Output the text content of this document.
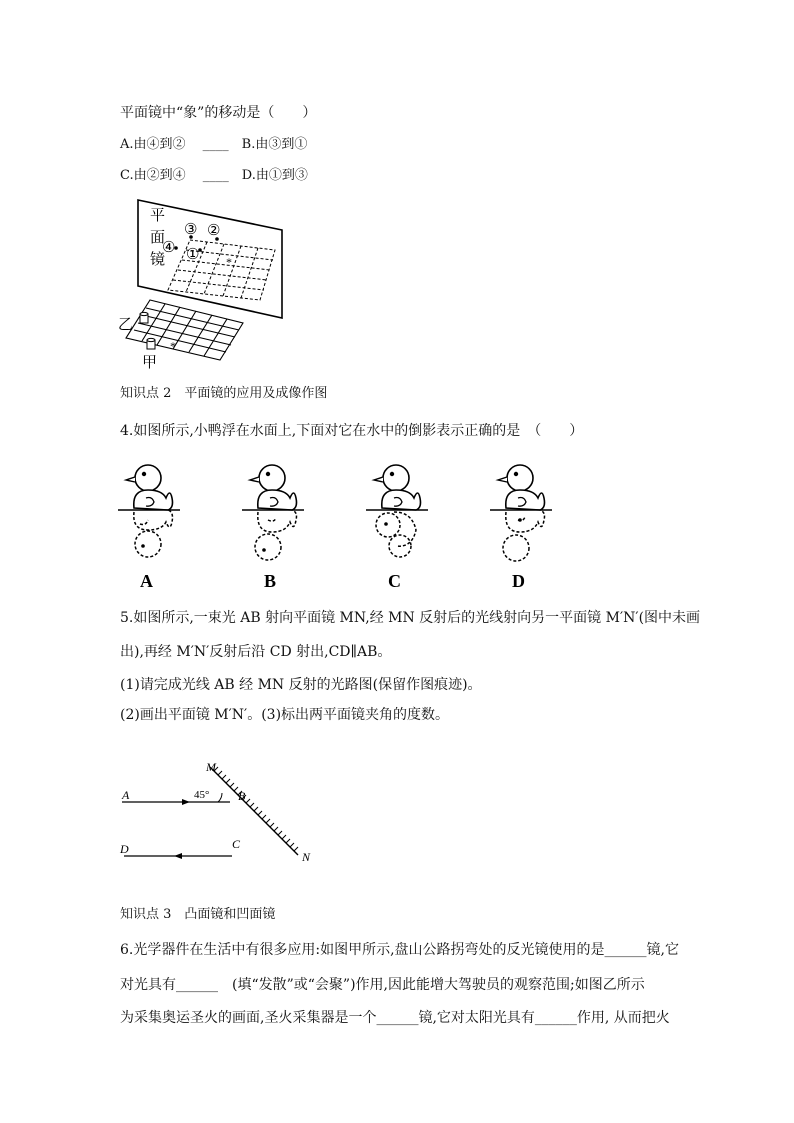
平面镜中“象”的移动是（　　）
A.由④到②　 ____　B.由③到①
C.由②到④　 ____　D.由①到③
*
③ ②
④ ①
平
面
镜
*
乙
甲
知识点 2　平面镜的应用及成像作图
4.如图所示,小鸭浮在水面上,下面对它在水中的倒影表示正确的是　（　　）
A	B	C	D
5.如图所示,一束光 AB 射向平面镜 MN,经 MN 反射后的光线射向另一平面镜 M′N′(图中未画
出),再经 M′N′反射后沿 CD 射出,CD∥AB。
(1)请完成光线 AB 经 MN 反射的光路图(保留作图痕迹)。
(2)画出平面镜 M′N′。(3)标出两平面镜夹角的度数。
45°
A	B
C
D
M
N
知识点 3　凸面镜和凹面镜
6.光学器件在生活中有很多应用:如图甲所示,盘山公路拐弯处的反光镜使用的是______镜,它
对光具有______　(填“发散”或“会聚”)作用,因此能增大驾驶员的观察范围;如图乙所示
为采集奥运圣火的画面,圣火采集器是一个______镜,它对太阳光具有______作用, 从而把火
